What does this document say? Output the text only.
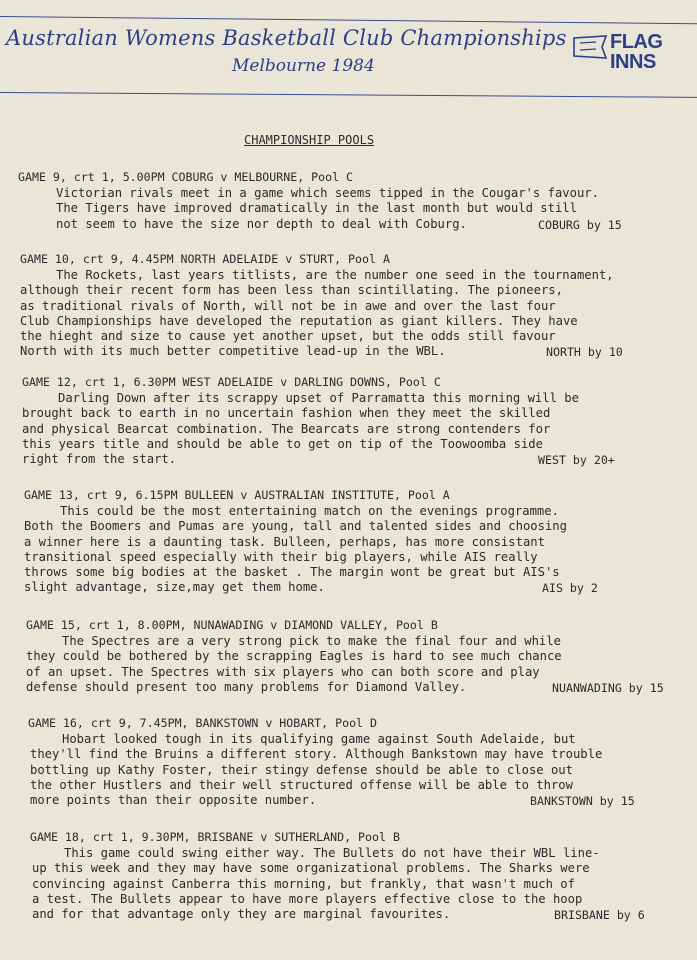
Australian Womens Basketball Club Championships
Melbourne 1984
FLAG
INNS
CHAMPIONSHIP POOLS
GAME 9, crt 1, 5.00PM COBURG v MELBOURNE, Pool C
Victorian rivals meet in a game which seems tipped in the Cougar's favour.
The Tigers have improved dramatically in the last month but would still
not seem to have the size nor depth to deal with Coburg.	COBURG by 15
GAME 10, crt 9, 4.45PM NORTH ADELAIDE v STURT, Pool A
The Rockets, last years titlists, are the number one seed in the tournament,
although their recent form has been less than scintillating. The pioneers,
as traditional rivals of North, will not be in awe and over the last four
Club Championships have developed the reputation as giant killers. They have
the hieght and size to cause yet another upset, but the odds still favour
North with its much better competitive lead-up in the WBL.	NORTH by 10
GAME 12, crt 1, 6.30PM WEST ADELAIDE v DARLING DOWNS, Pool C
Darling Down after its scrappy upset of Parramatta this morning will be
brought back to earth in no uncertain fashion when they meet the skilled
and physical Bearcat combination. The Bearcats are strong contenders for
this years title and should be able to get on tip of the Toowoomba side
right from the start.	WEST by 20+
GAME 13, crt 9, 6.15PM BULLEEN v AUSTRALIAN INSTITUTE, Pool A
This could be the most entertaining match on the evenings programme.
Both the Boomers and Pumas are young, tall and talented sides and choosing
a winner here is a daunting task. Bulleen, perhaps, has more consistant
transitional speed especially with their big players, while AIS really
throws some big bodies at the basket . The margin wont be great but AIS's
slight advantage, size,may get them home.	AIS by 2
GAME 15, crt 1, 8.00PM, NUNAWADING v DIAMOND VALLEY, Pool B
The Spectres are a very strong pick to make the final four and while
they could be bothered by the scrapping Eagles is hard to see much chance
of an upset. The Spectres with six players who can both score and play
defense should present too many problems for Diamond Valley.	NUANWADING by 15
GAME 16, crt 9, 7.45PM, BANKSTOWN v HOBART, Pool D
Hobart looked tough in its qualifying game against South Adelaide, but
they'll find the Bruins a different story. Although Bankstown may have trouble
bottling up Kathy Foster, their stingy defense should be able to close out
the other Hustlers and their well structured offense will be able to throw
more points than their opposite number.	BANKSTOWN by 15
GAME 18, crt 1, 9.30PM, BRISBANE v SUTHERLAND, Pool B
This game could swing either way. The Bullets do not have their WBL line-
up this week and they may have some organizational problems. The Sharks were
convincing against Canberra this morning, but frankly, that wasn't much of
a test. The Bullets appear to have more players effective close to the hoop
and for that advantage only they are marginal favourites.	BRISBANE by 6
